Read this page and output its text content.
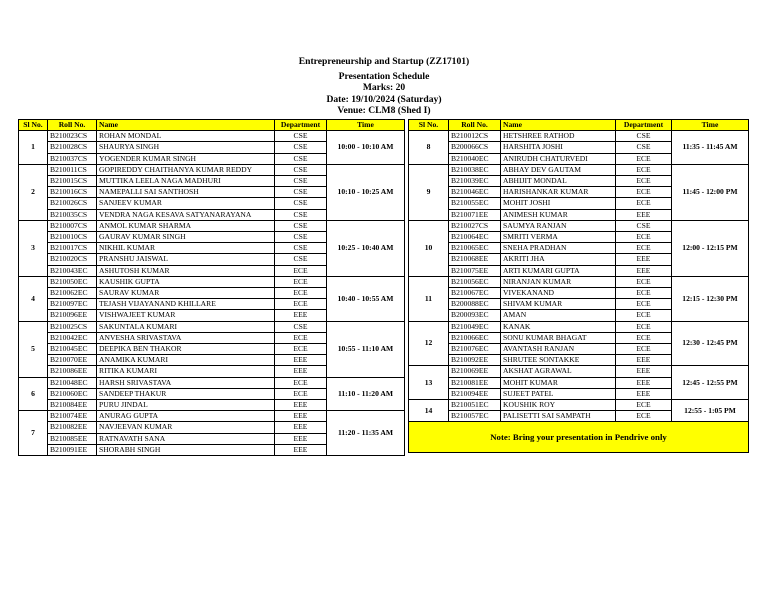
Entrepreneurship and Startup (ZZ17101)
Presentation Schedule
Marks: 20
Date: 19/10/2024 (Saturday)
Venue: CLM8 (Shed I)
Sl No.	Roll No.	Name	Department	Time
1	B210023CS	ROHAN MONDAL	CSE	10:00 - 10:10 AM
	B210028CS	SHAURYA SINGH	CSE	
	B210037CS	YOGENDER KUMAR SINGH	CSE	
2	B210011CS	GOPIREDDY CHAITHANYA KUMAR REDDY	CSE	10:10 - 10:25 AM
	B210015CS	MUTTIKA LEELA NAGA MADHURI	CSE	
	B210016CS	NAMEPALLI SAI SANTHOSH	CSE	
	B210026CS	SANJEEV KUMAR	CSE	
	B210035CS	VENDRA NAGA KESAVA SATYANARAYANA	CSE	
3	B210007CS	ANMOL KUMAR SHARMA	CSE	10:25 - 10:40 AM
	B210010CS	GAURAV KUMAR SINGH	CSE	
	B210017CS	NIKHIL KUMAR	CSE	
	B210020CS	PRANSHU JAISWAL	CSE	
	B210043EC	ASHUTOSH KUMAR	ECE	
4	B210050EC	KAUSHIK GUPTA	ECE	10:40 - 10:55 AM
	B210062EC	SAURAV KUMAR	ECE	
	B210097EC	TEJASH VIJAYANAND KHILLARE	ECE	
	B210096EE	VISHWAJEET KUMAR	EEE	
5	B210025CS	SAKUNTALA KUMARI	CSE	10:55 - 11:10 AM
	B210042EC	ANVESHA SRIVASTAVA	ECE	
	B210045EC	DEEPIKA BEN THAKOR	ECE	
	B210070EE	ANAMIKA KUMARI	EEE	
	B210086EE	RITIKA KUMARI	EEE	
6	B210048EC	HARSH SRIVASTAVA	ECE	11:10 - 11:20 AM
	B210060EC	SANDEEP THAKUR	ECE	
	B210084EE	PURU JINDAL	EEE	
7	B210074EE	ANURAG GUPTA	EEE	11:20 - 11:35 AM
	B210082EE	NAVJEEVAN KUMAR	EEE	
	B210085EE	RATNAVATH SANA	EEE	
	B210091EE	SHORABH SINGH	EEE	
Sl No.	Roll No.	Name	Department	Time
8	B210012CS	HETSHREE RATHOD	CSE	11:35 - 11:45 AM
	B200066CS	HARSHITA JOSHI	CSE	
	B210040EC	ANIRUDH CHATURVEDI	ECE	
9	B210038EC	ABHAY DEV GAUTAM	ECE	11:45 - 12:00 PM
	B210039EC	ABHIJIT MONDAL	ECE	
	B210046EC	HARISHANKAR KUMAR	ECE	
	B210055EC	MOHIT JOSHI	ECE	
	B210071EE	ANIMESH KUMAR	EEE	
10	B210027CS	SAUMYA RANJAN	CSE	12:00 - 12:15 PM
	B210064EC	SMRITI VERMA	ECE	
	B210065EC	SNEHA PRADHAN	ECE	
	B210068EE	AKRITI JHA	EEE	
	B210075EE	ARTI KUMARI GUPTA	EEE	
11	B210056EC	NIRANJAN KUMAR	ECE	12:15 - 12:30 PM
	B210067EC	VIVEKANAND	ECE	
	B200088EC	SHIVAM KUMAR	ECE	
	B200093EC	AMAN	ECE	
12	B210049EC	KANAK	ECE	12:30 - 12:45 PM
	B210066EC	SONU KUMAR BHAGAT	ECE	
	B210076EC	AVANTASH RANJAN	ECE	
	B210092EE	SHRUTEE SONTAKKE	EEE	
13	B210069EE	AKSHAT AGRAWAL	EEE	12:45 - 12:55 PM
	B210081EE	MOHIT KUMAR	EEE	
	B210094EE	SUJEET PATEL	EEE	
14	B210051EC	KOUSHIK ROY	ECE	12:55 - 1:05 PM
	B210057EC	PALISETTI SAI SAMPATH	ECE	
Note: Bring your presentation in Pendrive only				
